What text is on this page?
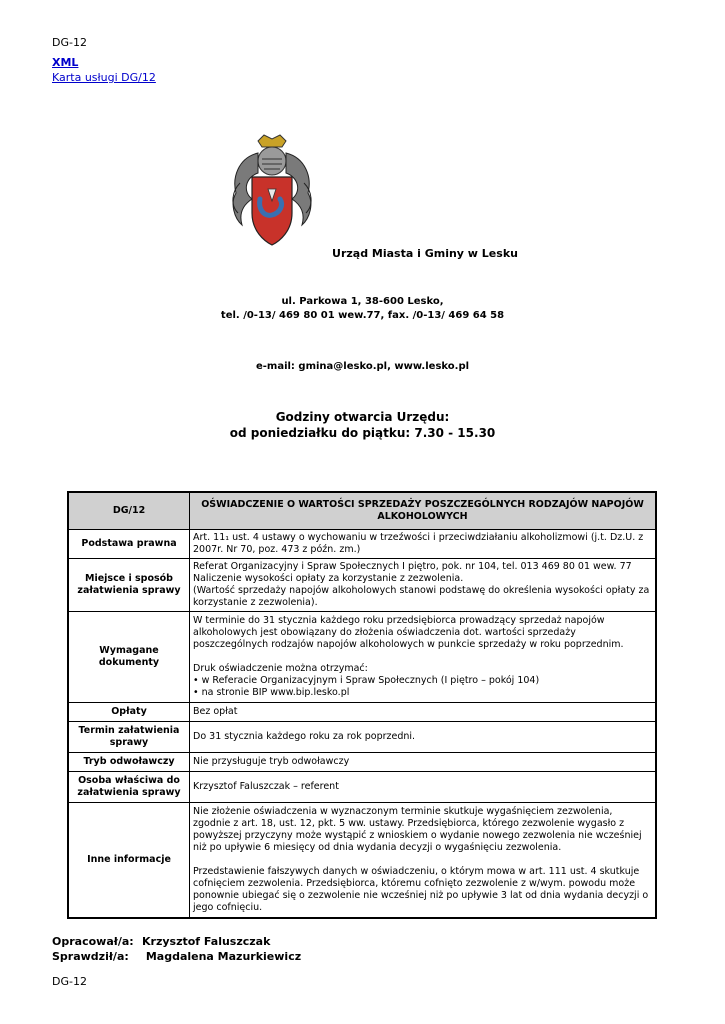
DG-12
XML
Karta usługi DG/12
Urząd Miasta i Gminy w Lesku
ul. Parkowa 1, 38-600 Lesko,
tel. /0-13/ 469 80 01 wew.77, fax. /0-13/ 469 64 58
e-mail: gmina@lesko.pl, www.lesko.pl
Godziny otwarcia Urzędu:
od poniedziałku do piątku: 7.30 - 15.30
DG/12	OŚWIADCZENIE O WARTOŚCI SPRZEDAŻY POSZCZEGÓLNYCH RODZAJÓW NAPOJÓW ALKOHOLOWYCH
Podstawa prawna	Art. 11₁ ust. 4 ustawy o wychowaniu w trzeźwości i przeciwdziałaniu alkoholizmowi (j.t. Dz.U. z 2007r. Nr 70, poz. 473 z późn. zm.)
Miejsce i sposób załatwienia sprawy	Referat Organizacyjny i Spraw Społecznych I piętro, pok. nr 104, tel. 013 469 80 01 wew. 77
Naliczenie wysokości opłaty za korzystanie z zezwolenia.
(Wartość sprzedaży napojów alkoholowych stanowi podstawę do określenia wysokości opłaty za korzystanie z zezwolenia).

Wymagane dokumenty	W terminie do 31 stycznia każdego roku przedsiębiorca prowadzący sprzedaż napojów alkoholowych jest obowiązany do złożenia oświadczenia dot. wartości sprzedaży poszczególnych rodzajów napojów alkoholowych w punkcie sprzedaży w roku poprzednim.
Druk oświadczenie można otrzymać:
• w Referacie Organizacyjnym i Spraw Społecznych (I piętro – pokój 104)
• na stronie BIP www.bip.lesko.pl

Opłaty	Bez opłat
Termin załatwienia sprawy	Do 31 stycznia każdego roku za rok poprzedni.
Tryb odwoławczy	Nie przysługuje tryb odwoławczy
Osoba właściwa do załatwienia sprawy	Krzysztof Faluszczak – referent
Inne informacje	Nie złożenie oświadczenia w wyznaczonym terminie skutkuje wygaśnięciem zezwolenia, zgodnie z art. 18, ust. 12, pkt. 5 ww. ustawy. Przedsiębiorca, którego zezwolenie wygasło z powyższej przyczyny może wystąpić z wnioskiem o wydanie nowego zezwolenia nie wcześniej niż po upływie 6 miesięcy od dnia wydania decyzji o wygaśnięciu zezwolenia.
Przedstawienie fałszywych danych w oświadczeniu, o którym mowa w art. 111 ust. 4 skutkuje cofnięciem zezwolenia. Przedsiębiorca, któremu cofnięto zezwolenie z w/wym. powodu może ponownie ubiegać się o zezwolenie nie wcześniej niż po upływie 3 lat od dnia wydania decyzji o jego cofnięciu.
Opracował/a: Krzysztof Faluszczak
Sprawdził/a: Magdalena Mazurkiewicz
DG-12
